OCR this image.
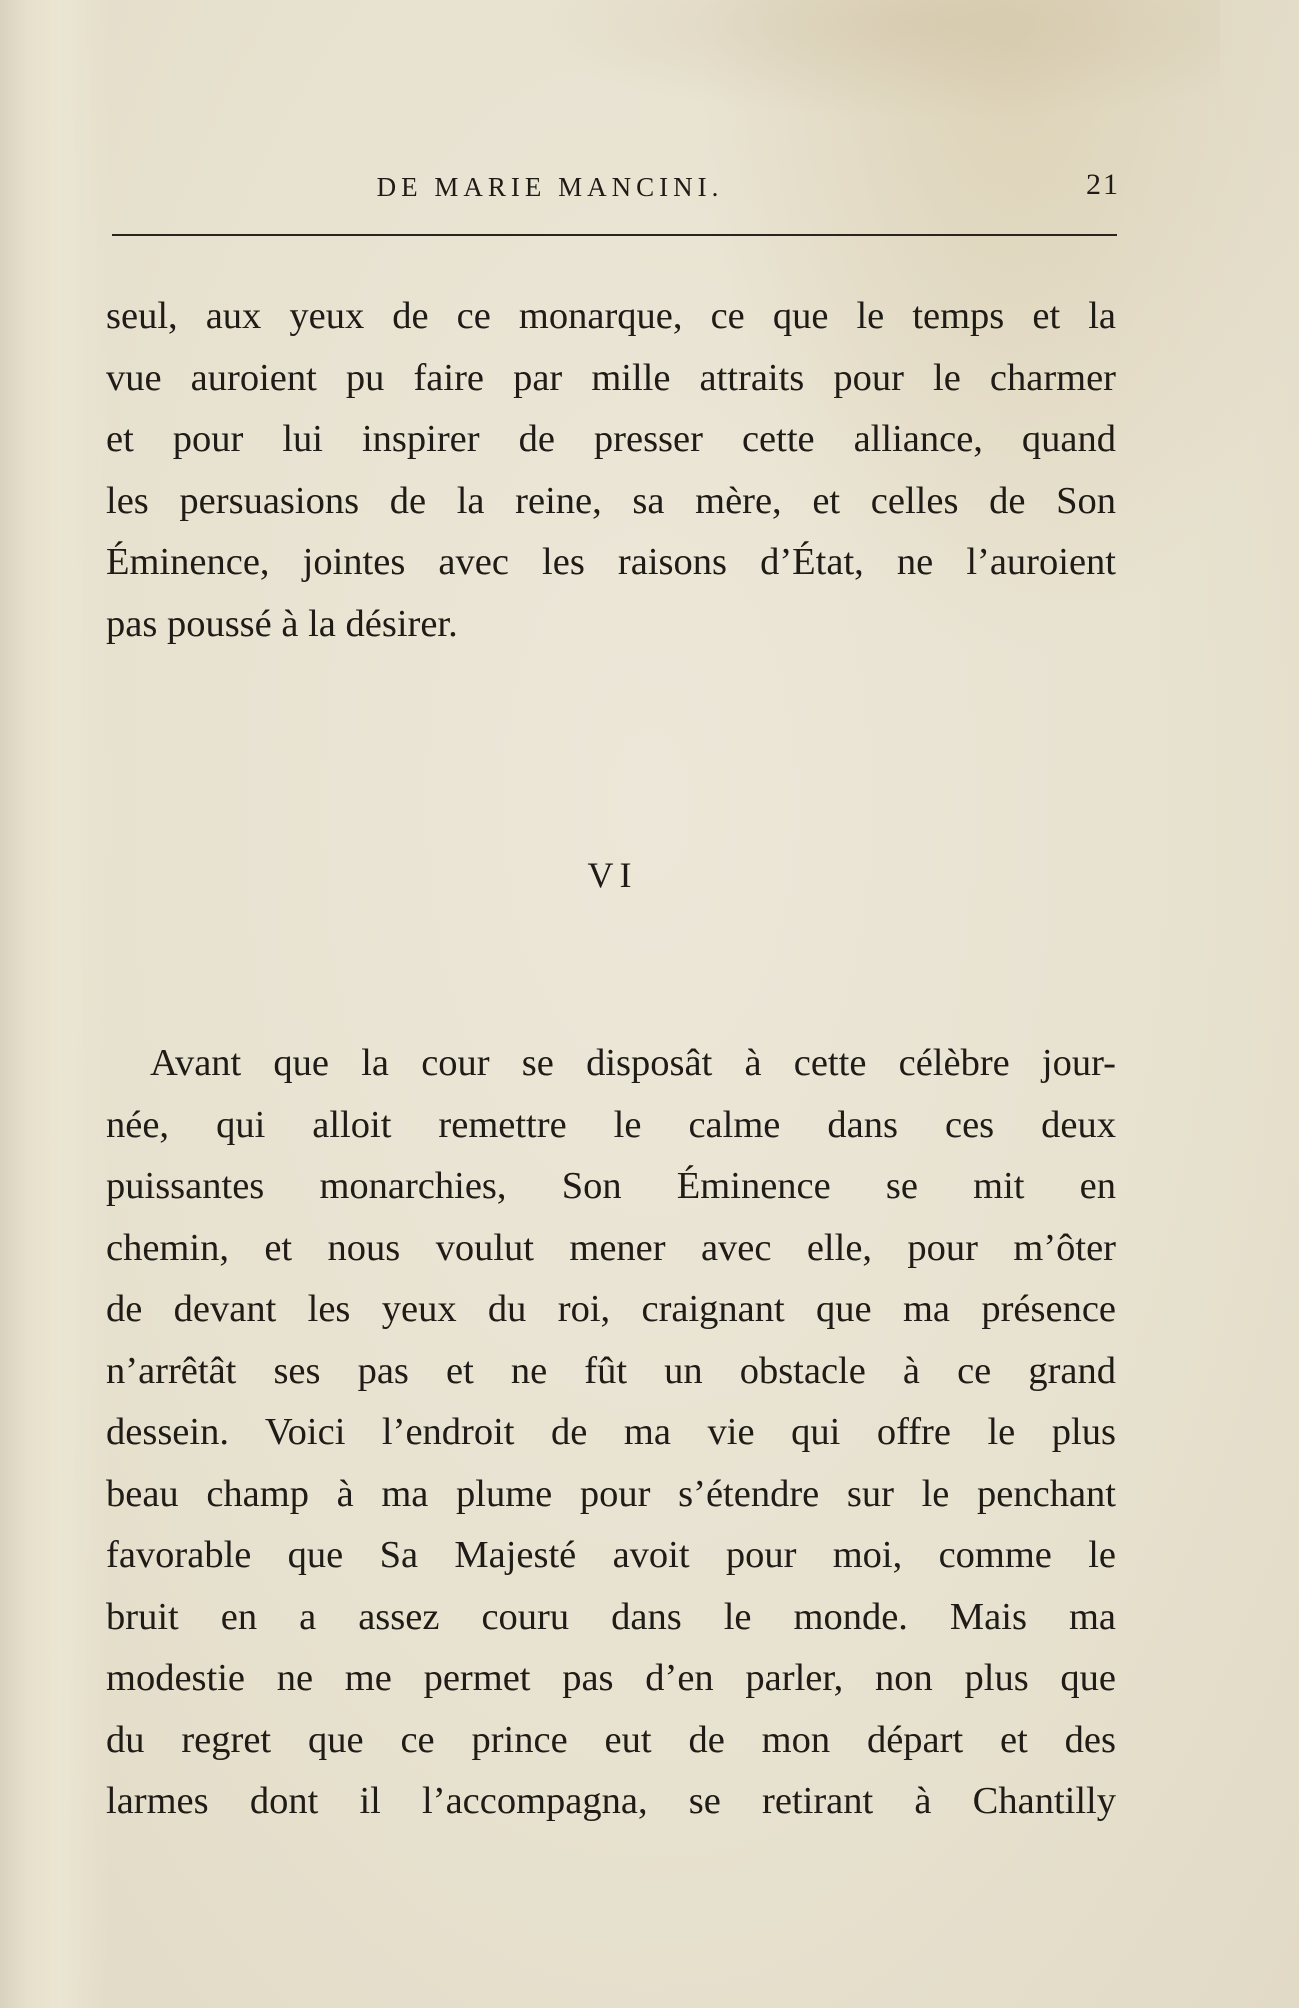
DE MARIE MANCINI.	21
seul, aux yeux de ce monarque, ce que le temps et la
vue auroient pu faire par mille attraits pour le charmer
et pour lui inspirer de presser cette alliance, quand
les persuasions de la reine, sa mère, et celles de Son
Éminence, jointes avec les raisons d’État, ne l’auroient
pas poussé à la désirer.
VI
Avant que la cour se disposât à cette célèbre jour-
née, qui alloit remettre le calme dans ces deux
puissantes monarchies, Son Éminence se mit en
chemin, et nous voulut mener avec elle, pour m’ôter
de devant les yeux du roi, craignant que ma présence
n’arrêtât ses pas et ne fût un obstacle à ce grand
dessein. Voici l’endroit de ma vie qui offre le plus
beau champ à ma plume pour s’étendre sur le penchant
favorable que Sa Majesté avoit pour moi, comme le
bruit en a assez couru dans le monde. Mais ma
modestie ne me permet pas d’en parler, non plus que
du regret que ce prince eut de mon départ et des
larmes dont il l’accompagna, se retirant à Chantilly
